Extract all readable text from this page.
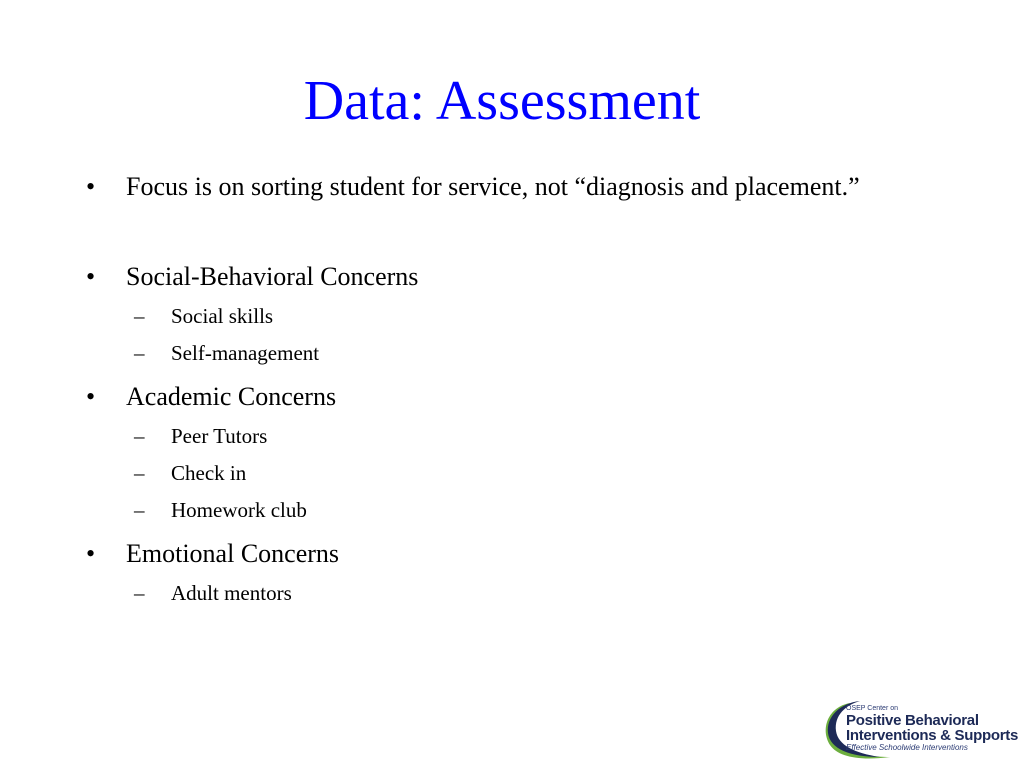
Data: Assessment
•	Focus is on sorting student for service, not “diagnosis and placement.”
•	Social-Behavioral Concerns
– Social skills
– Self-management
•	Academic Concerns
– Peer Tutors
– Check in
– Homework club
•	Emotional Concerns
– Adult mentors
OSEP Center on
Positive Behavioral
Interventions & Supports
Effective Schoolwide Interventions
